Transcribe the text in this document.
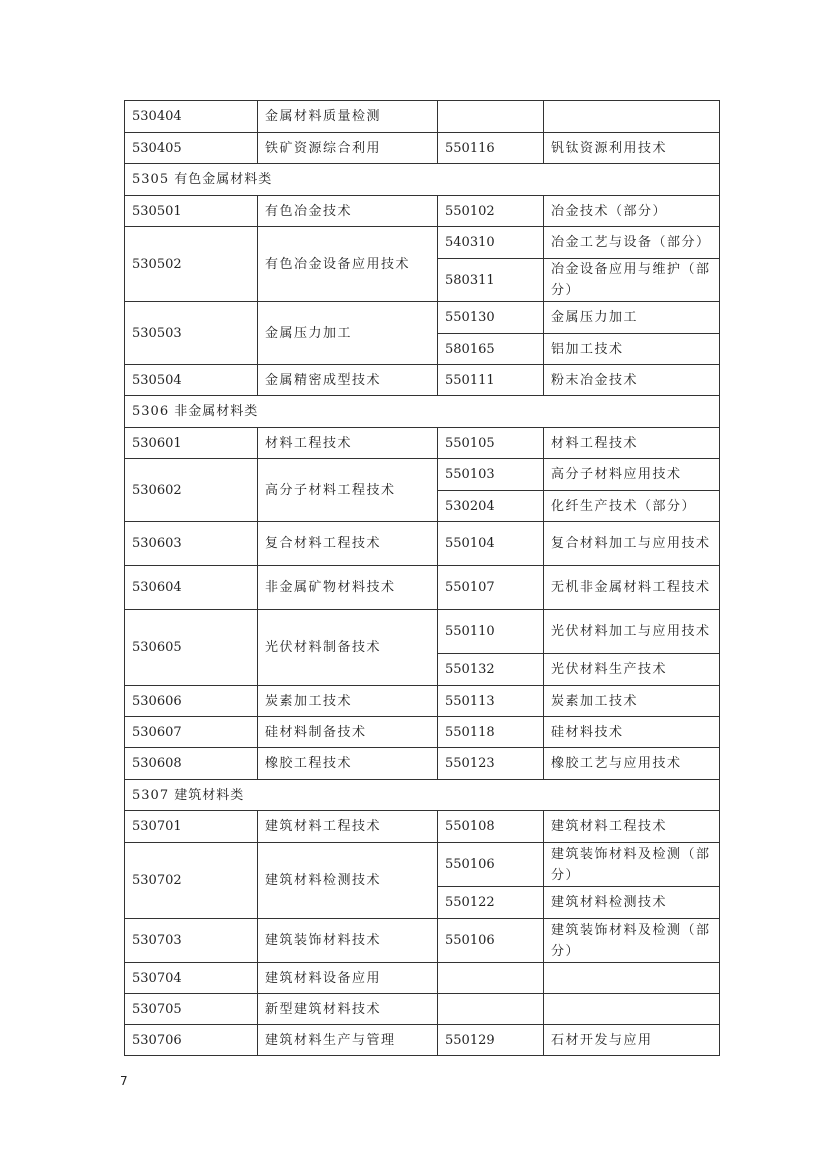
530404	金属材料质量检测		
530405	铁矿资源综合利用	550116	钒钛资源利用技术
5305 有色金属材料类			
530501	有色冶金技术	550102	冶金技术（部分）
530502	有色冶金设备应用技术	540310	冶金工艺与设备（部分）
		580311	冶金设备应用与维护（部分）
530503	金属压力加工	550130	金属压力加工
		580165	铝加工技术
530504	金属精密成型技术	550111	粉末冶金技术
5306 非金属材料类			
530601	材料工程技术	550105	材料工程技术
530602	高分子材料工程技术	550103	高分子材料应用技术
		530204	化纤生产技术（部分）
530603	复合材料工程技术	550104	复合材料加工与应用技术
530604	非金属矿物材料技术	550107	无机非金属材料工程技术
530605	光伏材料制备技术	550110	光伏材料加工与应用技术
		550132	光伏材料生产技术
530606	炭素加工技术	550113	炭素加工技术
530607	硅材料制备技术	550118	硅材料技术
530608	橡胶工程技术	550123	橡胶工艺与应用技术
5307 建筑材料类			
530701	建筑材料工程技术	550108	建筑材料工程技术
530702	建筑材料检测技术	550106	建筑装饰材料及检测（部分）
		550122	建筑材料检测技术
530703	建筑装饰材料技术	550106	建筑装饰材料及检测（部分）
530704	建筑材料设备应用		
530705	新型建筑材料技术		
530706	建筑材料生产与管理	550129	石材开发与应用
7
